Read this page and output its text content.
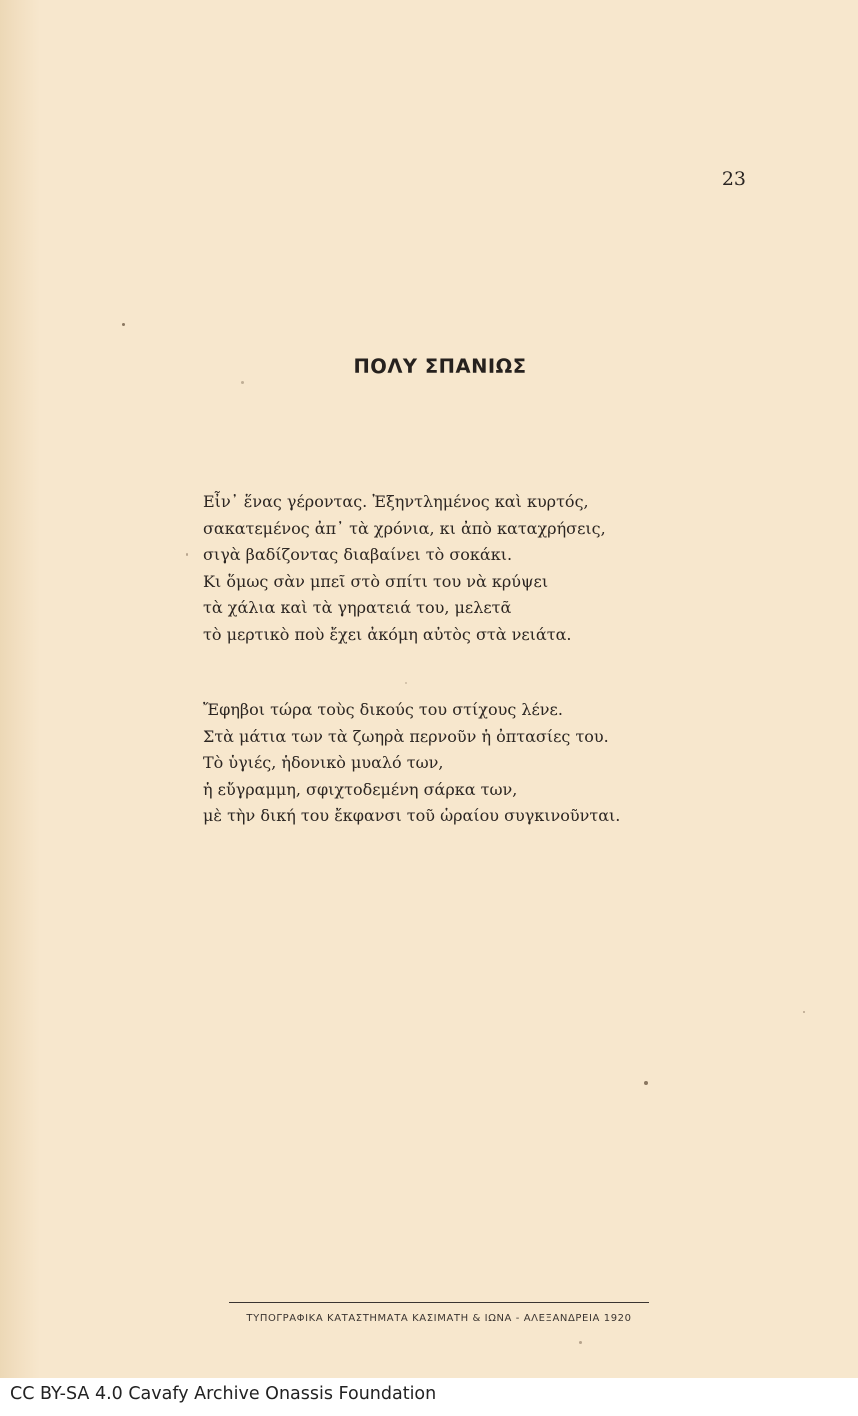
23
ΠΟΛΥ ΣΠΑΝΙΩΣ
Εἶν᾽ ἕνας γέροντας. Ἐξηντλημένος καὶ κυρτός,
σακατεμένος ἀπ᾽ τὰ χρόνια, κι ἀπὸ καταχρήσεις,
σιγὰ βαδίζοντας διαβαίνει τὸ σοκάκι.
Κι ὅμως σὰν μπεῖ στὸ σπίτι του νὰ κρύψει
τὰ χάλια καὶ τὰ γηρατειά του, μελετᾶ
τὸ μερτικὸ ποὺ ἔχει ἀκόμη αὐτὸς στὰ νειάτα.
Ἔφηβοι τώρα τοὺς δικούς του στίχους λένε.
Στὰ μάτια των τὰ ζωηρὰ περνοῦν ἡ ὀπτασίες του.
Τὸ ὑγιές, ἡδονικὸ μυαλό των,
ἡ εὔγραμμη, σφιχτοδεμένη σάρκα των,
μὲ τὴν δική του ἔκφανσι τοῦ ὡραίου συγκινοῦνται.
ΤΥΠΟΓΡΑΦΙΚΑ ΚΑΤΑΣΤΗΜΑΤΑ ΚΑΣΙΜΑΤΗ & ΙΩΝΑ - ΑΛΕΞΑΝΔΡΕΙΑ 1920
CC BY-SA 4.0 Cavafy Archive Onassis Foundation
